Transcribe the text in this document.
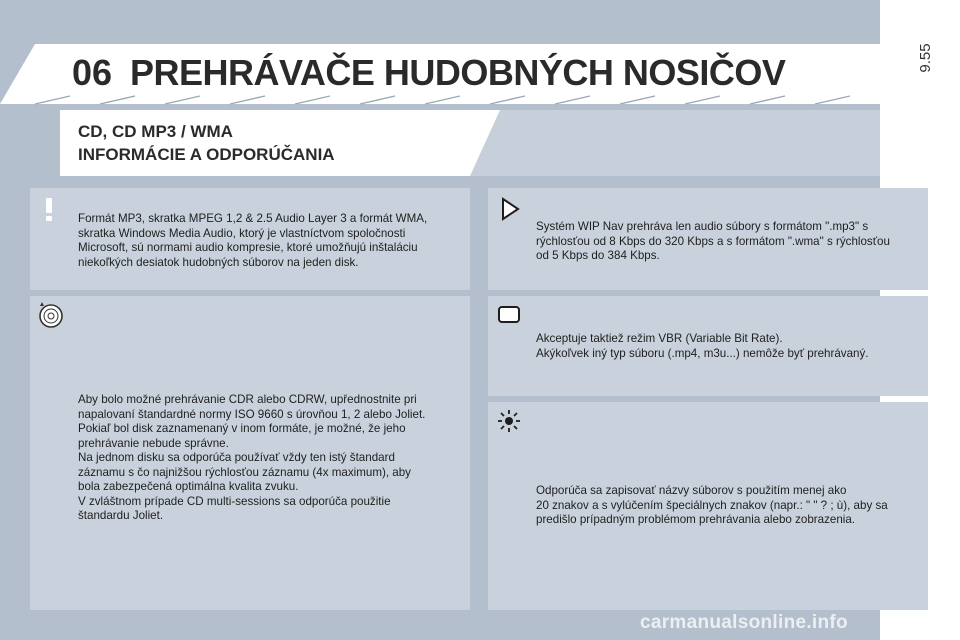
9.55
06 PREHRÁVAČE HUDOBNÝCH NOSIČOV
CD, CD MP3 / WMA
INFORMÁCIE A ODPORÚČANIA
Formát MP3, skratka MPEG 1,2 & 2.5 Audio Layer 3 a formát WMA,
skratka Windows Media Audio, ktorý je vlastníctvom spoločnosti
Microsoft, sú normami audio kompresie, ktoré umožňujú inštaláciu
niekoľkých desiatok hudobných súborov na jeden disk.
Aby bolo možné prehrávanie CDR alebo CDRW, upřednostnite pri
napalovaní štandardné normy ISO 9660 s úrovňou 1, 2 alebo Joliet.
Pokiaľ bol disk zaznamenaný v inom formáte, je možné, že jeho
prehrávanie nebude správne.
Na jednom disku sa odporúča používať vždy ten istý štandard
záznamu s čo najnižšou rýchlosťou záznamu (4x maximum), aby
bola zabezpečená optimálna kvalita zvuku.
V zvláštnom prípade CD multi-sessions sa odporúča použitie
štandardu Joliet.
Systém WIP Nav prehráva len audio súbory s formátom ".mp3" s
rýchlosťou od 8 Kbps do 320 Kbps a s formátom ".wma" s rýchlosťou
od 5 Kbps do 384 Kbps.
Akceptuje taktiež režim VBR (Variable Bit Rate).
Akýkoľvek iný typ súboru (.mp4, m3u...) nemôže byť prehrávaný.
Odporúča sa zapisovať názvy súborov s použitím menej ako
20 znakov a s vylúčením špeciálnych znakov (napr.: " " ? ; ù), aby sa
predišlo prípadným problémom prehrávania alebo zobrazenia.
carmanualsonline.info
